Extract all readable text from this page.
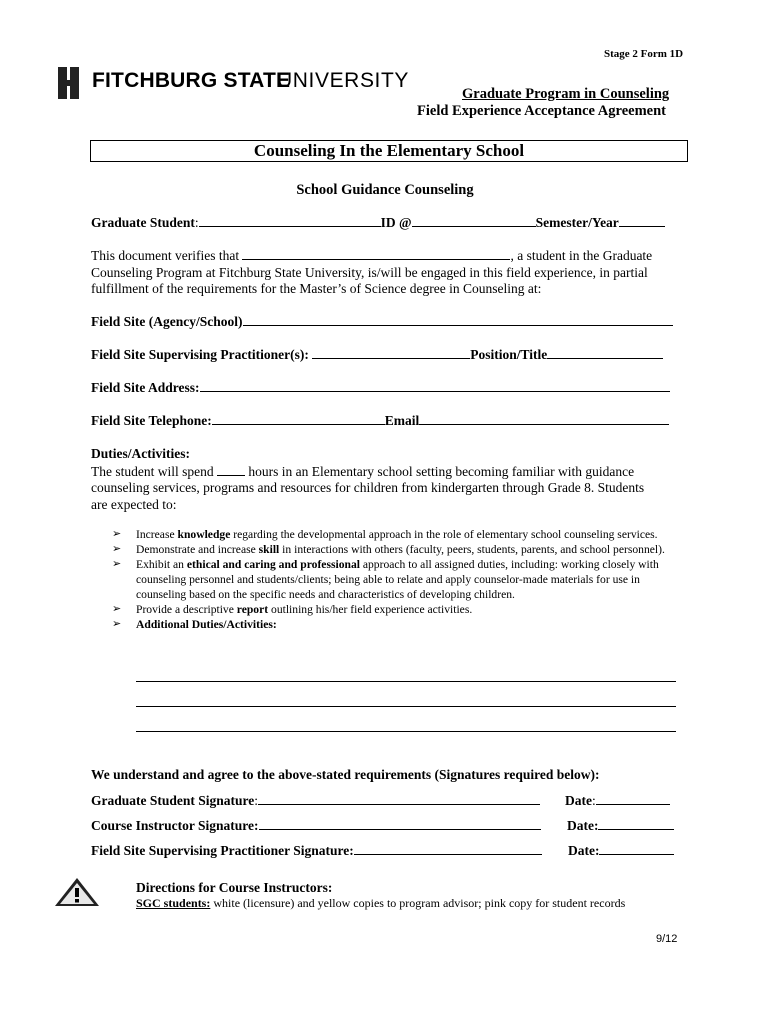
Stage 2 Form 1D
FITCHBURG STATE
UNIVERSITY
Graduate Program in Counseling
Field Experience Acceptance Agreement
Counseling In the Elementary School
School Guidance Counseling
Graduate Student:	ID @	Semester/Year
This document verifies that	, a student in the Graduate
Counseling Program at Fitchburg State University, is/will be engaged in this field experience, in partial
fulfillment of the requirements for the Master’s of Science degree in Counseling at:
Field Site (Agency/School)
Field Site Supervising Practitioner(s):	Position/Title
Field Site Address:
Field Site Telephone:	Email
Duties/Activities:
The student will spend	hours in an Elementary school setting becoming familiar with guidance
counseling services, programs and resources for children from kindergarten through Grade 8. Students
are expected to:
➢ Increase knowledge regarding the developmental approach in the role of elementary school counseling services.
➢ Demonstrate and increase skill in interactions with others (faculty, peers, students, parents, and school personnel).
➢ Exhibit an ethical and caring and professional approach to all assigned duties, including: working closely with counseling personnel and students/clients; being able to relate and apply counselor-made materials for use in counseling based on the specific needs and characteristics of developing children.
➢ Provide a descriptive report outlining his/her field experience activities.
➢ Additional Duties/Activities:
We understand and agree to the above-stated requirements (Signatures required below):
Graduate Student Signature:	Date:
Course Instructor Signature:	Date:
Field Site Supervising Practitioner Signature:	Date:
Directions for Course Instructors:
SGC students: white (licensure) and yellow copies to program advisor; pink copy for student records
9/12
